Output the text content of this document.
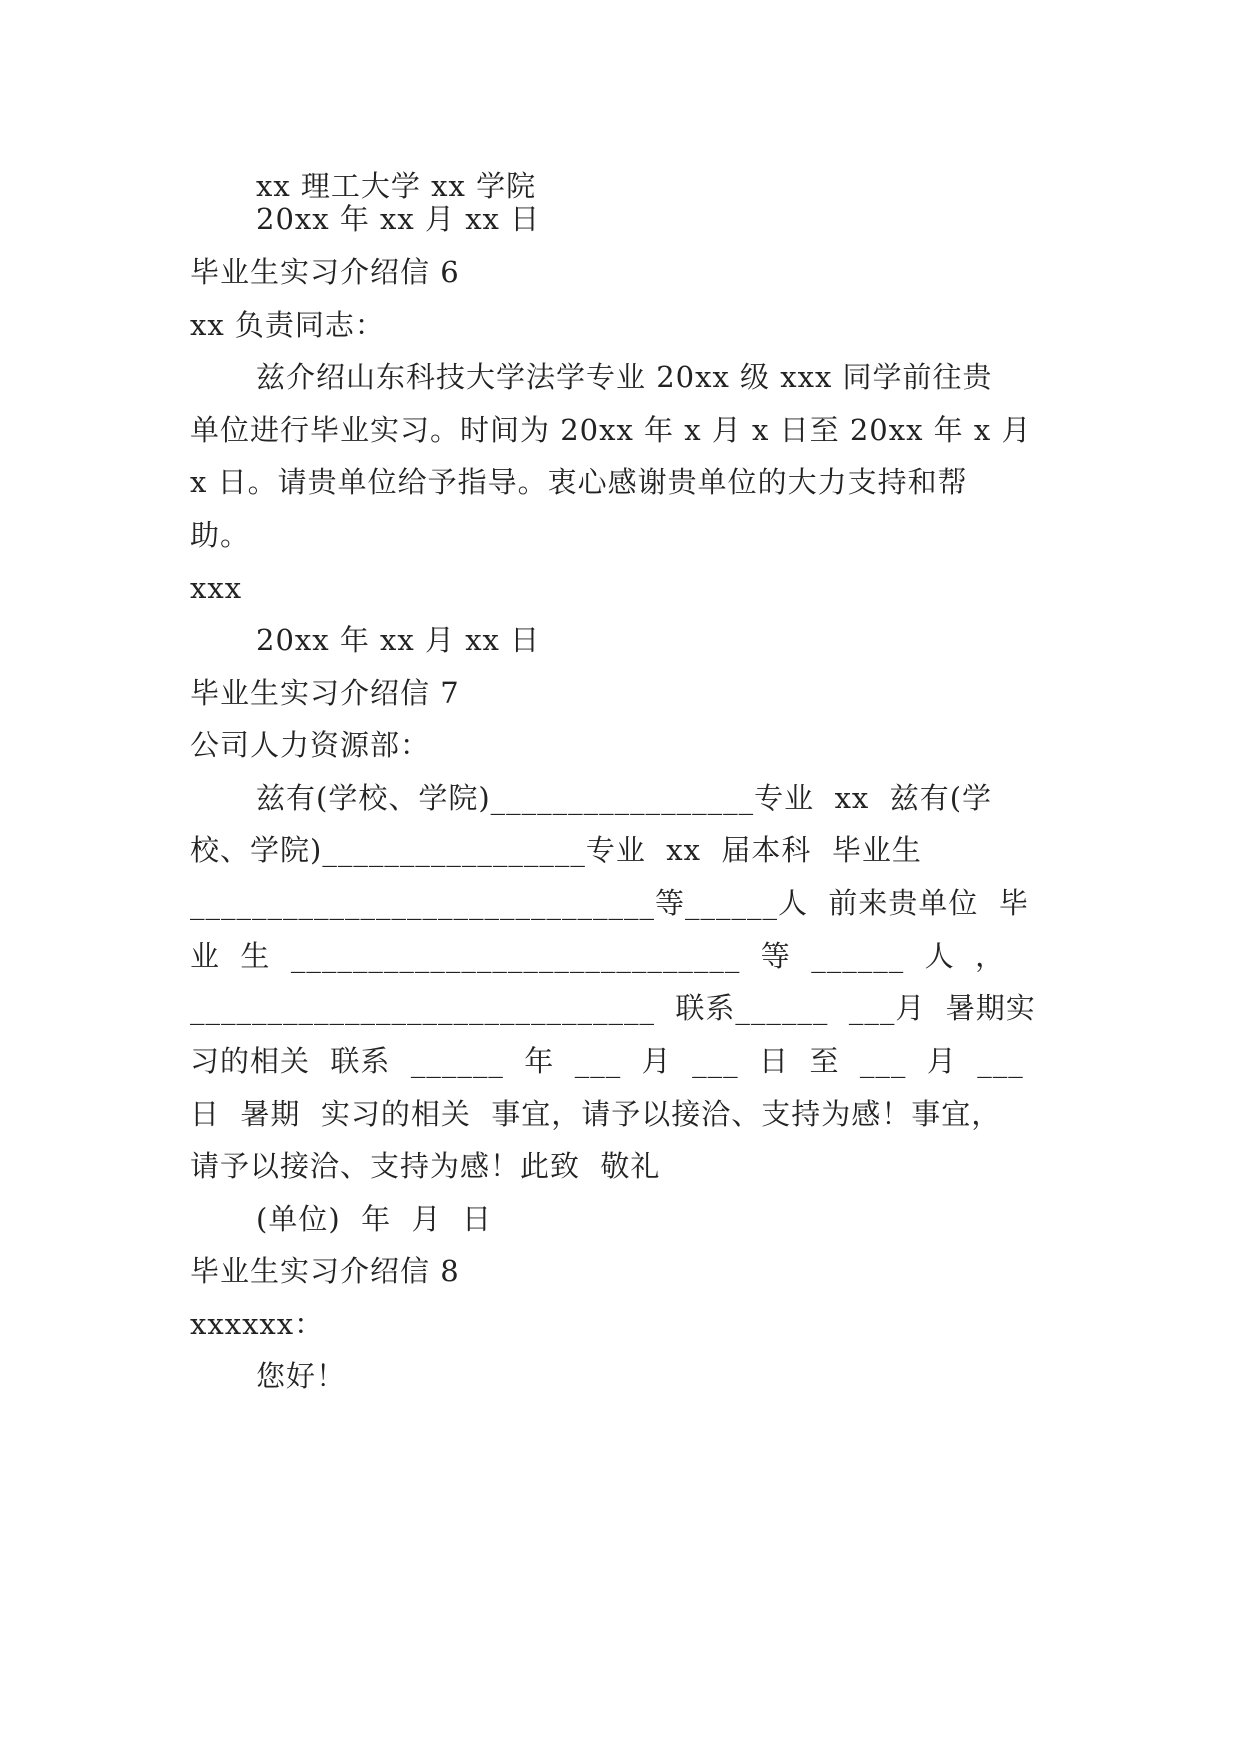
xx 理工大学 xx 学院
20xx 年 xx 月 xx 日
毕业生实习介绍信 6
xx 负责同志：
兹介绍山东科技大学法学专业 20xx 级 xxx 同学前往贵
单位进行毕业实习。时间为 20xx 年 x 月 x 日至 20xx 年 x 月
x 日。请贵单位给予指导。衷心感谢贵单位的大力支持和帮
助。
xxx
20xx 年 xx 月 xx 日
毕业生实习介绍信 7
公司人力资源部：
兹有(学校、学院)_________________专业  xx  兹有(学
校、学院)_________________专业  xx  届本科  毕业生
______________________________等______人  前来贵单位  毕
业  生  _____________________________  等  ______  人  ，
______________________________  联系______  ___月  暑期实
习的相关  联系  ______  年  ___  月  ___  日  至  ___  月  ___
日  暑期  实习的相关  事宜，请予以接洽、支持为感！事宜，
请予以接洽、支持为感！此致  敬礼
(单位)  年  月  日
毕业生实习介绍信 8
xxxxxx：
您好！
